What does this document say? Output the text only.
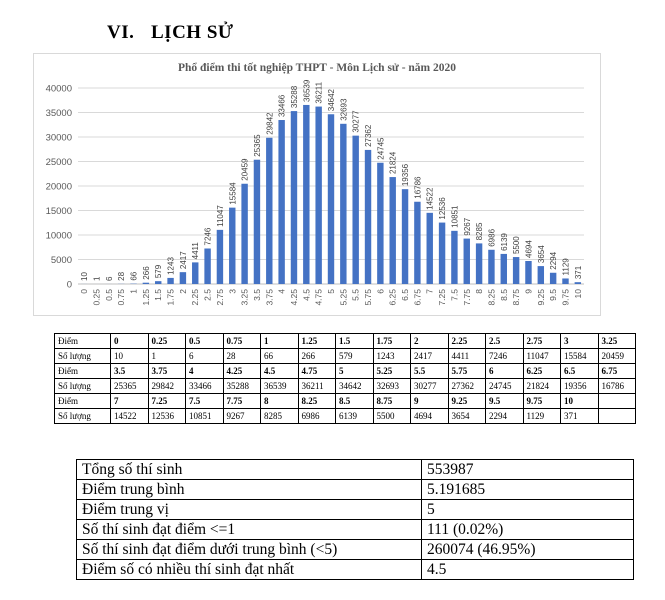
VI. LỊCH SỬ
Phổ điểm thi tốt nghiệp THPT - Môn Lịch sử - năm 2020
0
5000
10000
15000
20000
25000
30000
35000
40000
10 1 6 28 66 266 579 1243 2417
4411
7246
11047
15584
20459
25365
29842
33466 35288 36539 36211 34642 32693
30277
27362
24745
21824
19356
16786 14522 12536 10851 9267 8285 6986 6139 5500 4694 3654 2294 1129 371
0 0.25 0.5 0.75 1 1.25 1.5 1.75 2 2.25 2.5 2.75 3 3.25 3.5 3.75 4 4.25 4.5 4.75 5 5.25 5.5 5.75 6 6.25 6.5 6.75 7 7.25 7.5 7.75 8 8.25 8.5 8.75 9 9.25 9.5 9.75 10
Điểm	0	0.25	0.5	0.75	1	1.25	1.5	1.75	2	2.25	2.5	2.75	3	3.25
Số lượng	10	1	6	28	66	266	579	1243	2417	4411	7246	11047	15584	20459
Điểm	3.5	3.75	4	4.25	4.5	4.75	5	5.25	5.5	5.75	6	6.25	6.5	6.75
Số lượng	25365	29842	33466	35288	36539	36211	34642	32693	30277	27362	24745	21824	19356	16786
Điểm	7	7.25	7.5	7.75	8	8.25	8.5	8.75	9	9.25	9.5	9.75	10	
Số lượng	14522	12536	10851	9267	8285	6986	6139	5500	4694	3654	2294	1129	371	
Tổng số thí sinh	553987
Điểm trung bình	5.191685
Điểm trung vị	5
Số thí sinh đạt điểm <=1	111 (0.02%)
Số thí sinh đạt điểm dưới trung bình (<5)	260074 (46.95%)
Điểm số có nhiều thí sinh đạt nhất	4.5
